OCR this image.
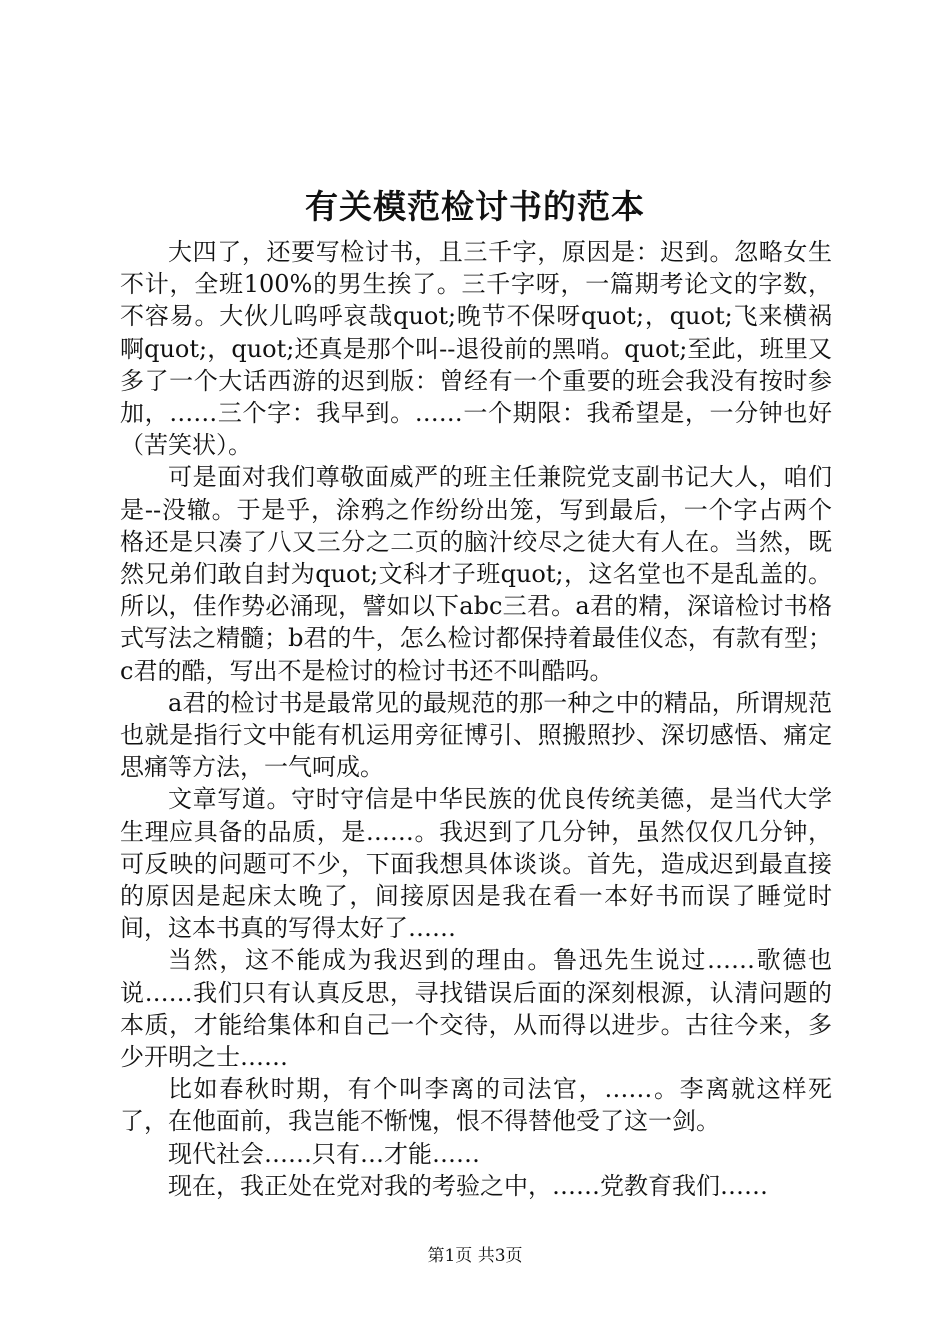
有关模范检讨书的范本

大四了，还要写检讨书，且三千字，原因是：迟到。忽略女生不计，全班100%的男生挨了。三千字呀，一篇期考论文的字数，不容易。大伙儿呜呼哀哉quot;晚节不保呀quot;，quot;飞来横祸啊quot;，quot;还真是那个叫--退役前的黑哨。quot;至此，班里又多了一个大话西游的迟到版：曾经有一个重要的班会我没有按时参加，……三个字：我早到。……一个期限：我希望是，一分钟也好（苦笑状）。

可是面对我们尊敬面威严的班主任兼院党支副书记大人，咱们是--没辙。于是乎，涂鸦之作纷纷出笼，写到最后，一个字占两个格还是只凑了八又三分之二页的脑汁绞尽之徒大有人在。当然，既然兄弟们敢自封为quot;文科才子班quot;，这名堂也不是乱盖的。所以，佳作势必涌现，譬如以下abc三君。a君的精，深谙检讨书格式写法之精髓；b君的牛，怎么检讨都保持着最佳仪态，有款有型；c君的酷，写出不是检讨的检讨书还不叫酷吗。

a君的检讨书是最常见的最规范的那一种之中的精品，所谓规范也就是指行文中能有机运用旁征博引、照搬照抄、深切感悟、痛定思痛等方法，一气呵成。

文章写道。守时守信是中华民族的优良传统美德，是当代大学生理应具备的品质，是……。我迟到了几分钟，虽然仅仅几分钟，可反映的问题可不少，下面我想具体谈谈。首先，造成迟到最直接的原因是起床太晚了，间接原因是我在看一本好书而误了睡觉时间，这本书真的写得太好了……

当然，这不能成为我迟到的理由。鲁迅先生说过……歌德也说……我们只有认真反思，寻找错误后面的深刻根源，认清问题的本质，才能给集体和自己一个交待，从而得以进步。古往今来，多少开明之士……

比如春秋时期，有个叫李离的司法官，……。李离就这样死了，在他面前，我岂能不惭愧，恨不得替他受了这一剑。

现代社会……只有…才能……

现在，我正处在党对我的考验之中，……党教育我们……

第1页 共3页
